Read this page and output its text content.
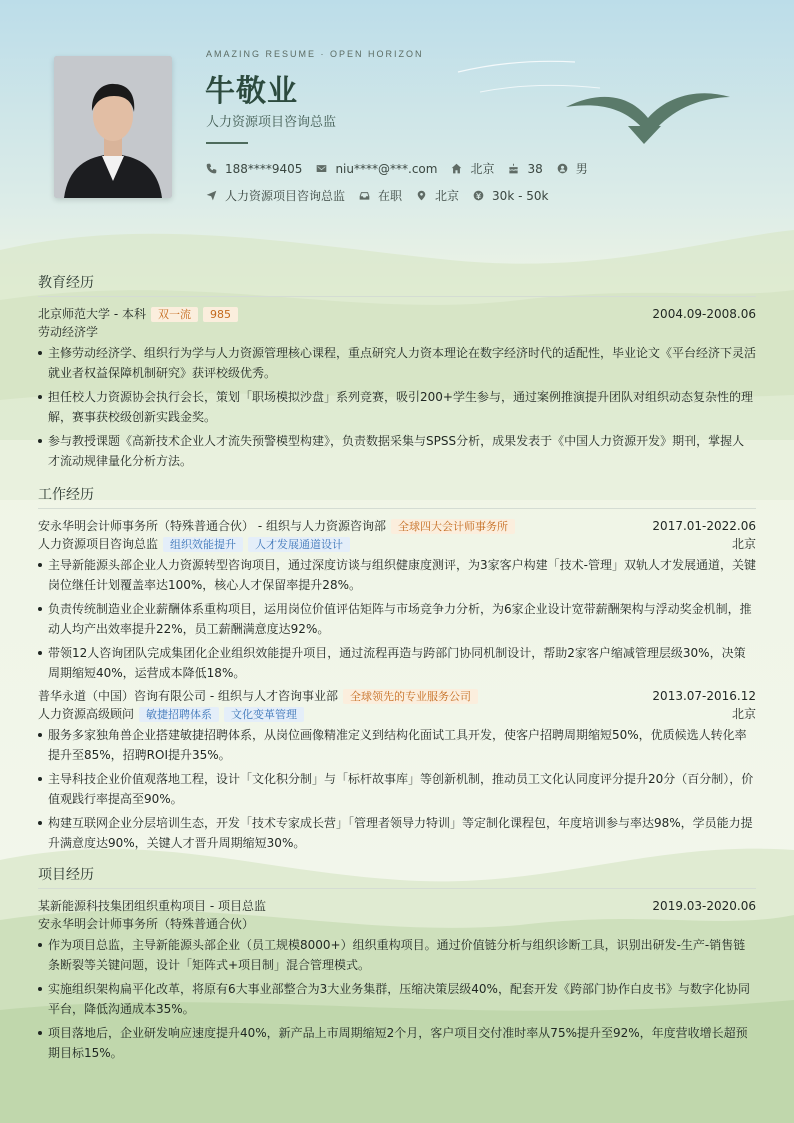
AMAZING RESUME · OPEN HORIZON
牛敬业
人力资源项目咨询总监
188****9405	niu****@***.com	北京	38	男
人力资源项目咨询总监	在职	北京	30k - 50k
教育经历
北京师范大学 - 本科	双一流	985	2004.09-2008.06
劳动经济学
主修劳动经济学、组织行为学与人力资源管理核心课程，重点研究人力资本理论在数字经济时代的适配性，毕业论文《平台经济下灵活就业者权益保障机制研究》获评校级优秀。
担任校人力资源协会执行会长，策划「职场模拟沙盘」系列竞赛，吸引200+学生参与，通过案例推演提升团队对组织动态复杂性的理解，赛事获校级创新实践金奖。
参与教授课题《高新技术企业人才流失预警模型构建》，负责数据采集与SPSS分析，成果发表于《中国人力资源开发》期刊，掌握人才流动规律量化分析方法。
工作经历
安永华明会计师事务所（特殊普通合伙） - 组织与人力资源咨询部	全球四大会计师事务所	2017.01-2022.06
人力资源项目咨询总监	组织效能提升	人才发展通道设计	北京
主导新能源头部企业人力资源转型咨询项目，通过深度访谈与组织健康度测评，为3家客户构建「技术-管理」双轨人才发展通道，关键岗位继任计划覆盖率达100%，核心人才保留率提升28%。
负责传统制造业企业薪酬体系重构项目，运用岗位价值评估矩阵与市场竞争力分析，为6家企业设计宽带薪酬架构与浮动奖金机制，推动人均产出效率提升22%，员工薪酬满意度达92%。
带领12人咨询团队完成集团化企业组织效能提升项目，通过流程再造与跨部门协同机制设计，帮助2家客户缩减管理层级30%，决策周期缩短40%，运营成本降低18%。
普华永道（中国）咨询有限公司 - 组织与人才咨询事业部	全球领先的专业服务公司	2013.07-2016.12
人力资源高级顾问	敏捷招聘体系	文化变革管理	北京
服务多家独角兽企业搭建敏捷招聘体系，从岗位画像精准定义到结构化面试工具开发，使客户招聘周期缩短50%，优质候选人转化率提升至85%，招聘ROI提升35%。
主导科技企业价值观落地工程，设计「文化积分制」与「标杆故事库」等创新机制，推动员工文化认同度评分提升20分（百分制），价值观践行率提高至90%。
构建互联网企业分层培训生态，开发「技术专家成长营」「管理者领导力特训」等定制化课程包，年度培训参与率达98%，学员能力提升满意度达90%，关键人才晋升周期缩短30%。
项目经历
某新能源科技集团组织重构项目 - 项目总监	2019.03-2020.06
安永华明会计师事务所（特殊普通合伙）
作为项目总监，主导新能源头部企业（员工规模8000+）组织重构项目。通过价值链分析与组织诊断工具，识别出研发-生产-销售链条断裂等关键问题，设计「矩阵式+项目制」混合管理模式。
实施组织架构扁平化改革，将原有6大事业部整合为3大业务集群，压缩决策层级40%，配套开发《跨部门协作白皮书》与数字化协同平台，降低沟通成本35%。
项目落地后，企业研发响应速度提升40%，新产品上市周期缩短2个月，客户项目交付准时率从75%提升至92%，年度营收增长超预期目标15%。
